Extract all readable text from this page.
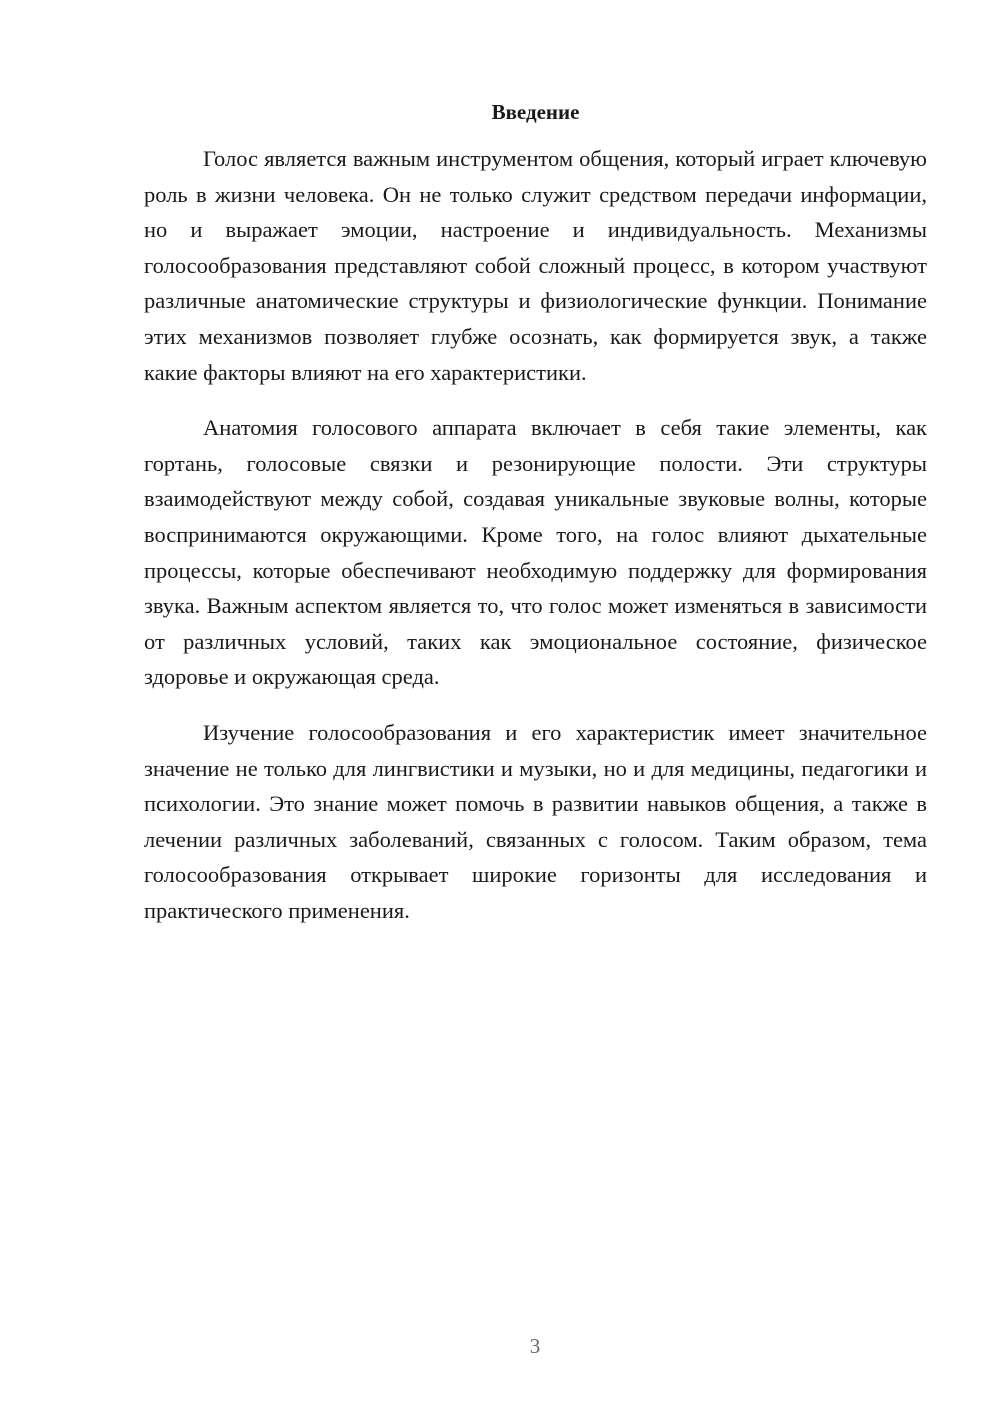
Введение

Голос является важным инструментом общения, который играет ключевую роль в жизни человека. Он не только служит средством передачи информации, но и выражает эмоции, настроение и индивидуальность. Механизмы голосообразования представляют собой сложный процесс, в котором участвуют различные анатомические структуры и физиологические функции. Понимание этих механизмов позволяет глубже осознать, как формируется звук, а также какие факторы влияют на его характеристики.

Анатомия голосового аппарата включает в себя такие элементы, как гортань, голосовые связки и резонирующие полости. Эти структуры взаимодействуют между собой, создавая уникальные звуковые волны, которые воспринимаются окружающими. Кроме того, на голос влияют дыхательные процессы, которые обеспечивают необходимую поддержку для формирования звука. Важным аспектом является то, что голос может изменяться в зависимости от различных условий, таких как эмоциональное состояние, физическое здоровье и окружающая среда.

Изучение голосообразования и его характеристик имеет значительное значение не только для лингвистики и музыки, но и для медицины, педагогики и психологии. Это знание может помочь в развитии навыков общения, а также в лечении различных заболеваний, связанных с голосом. Таким образом, тема голосообразования открывает широкие горизонты для исследования и практического применения.

3
